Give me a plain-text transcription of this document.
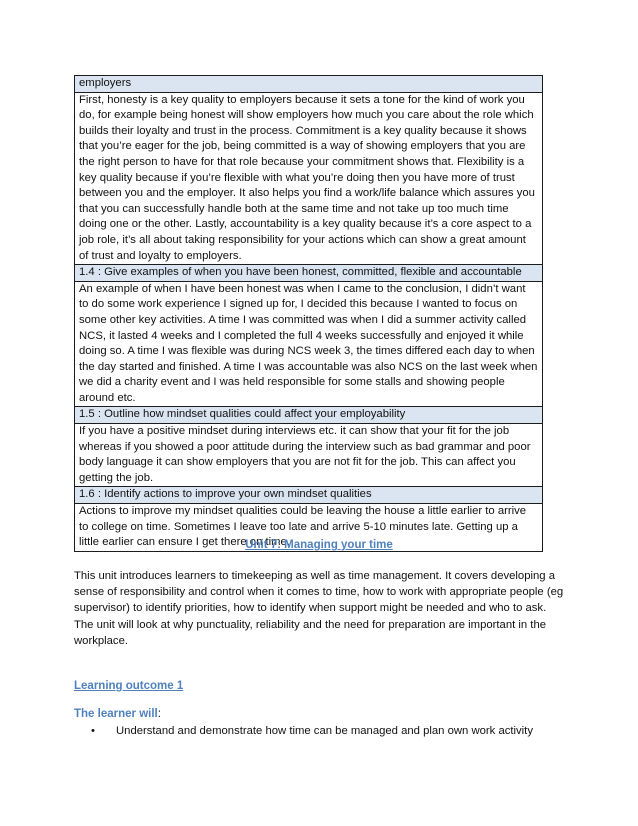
employers
First, honesty is a key quality to employers because it sets a tone for the kind of work you do, for example being honest will show employers how much you care about the role which builds their loyalty and trust in the process. Commitment is a key quality because it shows that you’re eager for the job, being committed is a way of showing employers that you are the right person to have for that role because your commitment shows that. Flexibility is a key quality because if you’re flexible with what you’re doing then you have more of trust between you and the employer. It also helps you find a work/life balance which assures you that you can successfully handle both at the same time and not take up too much time doing one or the other. Lastly, accountability is a key quality because it’s a core aspect to a job role, it’s all about taking responsibility for your actions which can show a great amount of trust and loyalty to employers.
1.4 : Give examples of when you have been honest, committed, flexible and accountable
An example of when I have been honest was when I came to the conclusion, I didn’t want to do some work experience I signed up for, I decided this because I wanted to focus on some other key activities. A time I was committed was when I did a summer activity called NCS, it lasted 4 weeks and I completed the full 4 weeks successfully and enjoyed it while doing so. A time I was flexible was during NCS week 3, the times differed each day to when the day started and finished. A time I was accountable was also NCS on the last week when we did a charity event and I was held responsible for some stalls and showing people around etc.
1.5 : Outline how mindset qualities could affect your employability
If you have a positive mindset during interviews etc. it can show that your fit for the job whereas if you showed a poor attitude during the interview such as bad grammar and poor body language it can show employers that you are not fit for the job. This can affect you getting the job.
1.6 : Identify actions to improve your own mindset qualities
Actions to improve my mindset qualities could be leaving the house a little earlier to arrive to college on time. Sometimes I leave too late and arrive 5-10 minutes late. Getting up a little earlier can ensure I get there on time.
Unit 7: Managing your time

This unit introduces learners to timekeeping as well as time management. It covers developing a sense of responsibility and control when it comes to time, how to work with appropriate people (eg supervisor) to identify priorities, how to identify when support might be needed and who to ask.

The unit will look at why punctuality, reliability and the need for preparation are important in the workplace.

Learning outcome 1
The learner will:
• Understand and demonstrate how time can be managed and plan own work activity
